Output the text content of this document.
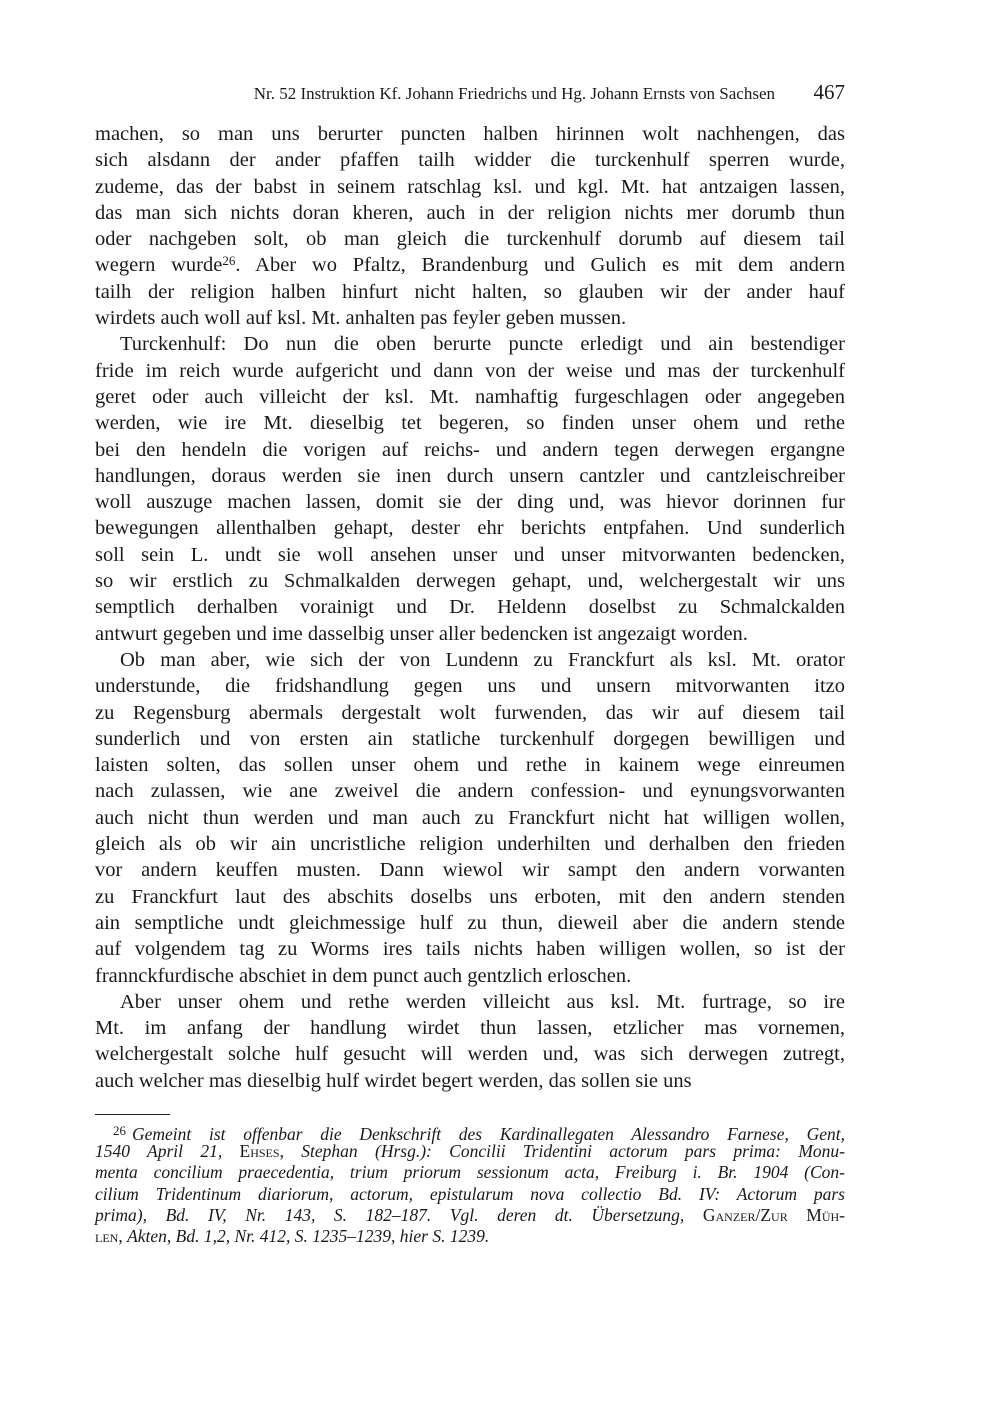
Nr. 52 Instruktion Kf. Johann Friedrichs und Hg. Johann Ernsts von Sachsen 467
machen, so man uns berurter puncten halben hirinnen wolt nachhengen, das
sich alsdann der ander pfaffen tailh widder die turckenhulf sperren wurde,
zudeme, das der babst in seinem ratschlag ksl. und kgl. Mt. hat antzaigen lassen,
das man sich nichts doran kheren, auch in der religion nichts mer dorumb thun
oder nachgeben solt, ob man gleich die turckenhulf dorumb auf diesem tail
wegern wurde$^{26}$. Aber wo Pfaltz, Brandenburg und Gulich es mit dem andern
tailh der religion halben hinfurt nicht halten, so glauben wir der ander hauf
wirdets auch woll auf ksl. Mt. anhalten pas feyler geben mussen.
Turckenhulf: Do nun die oben berurte puncte erledigt und ain bestendiger
fride im reich wurde aufgericht und dann von der weise und mas der turckenhulf
geret oder auch villeicht der ksl. Mt. namhaftig furgeschlagen oder angegeben
werden, wie ire Mt. dieselbig tet begeren, so finden unser ohem und rethe
bei den hendeln die vorigen auf reichs- und andern tegen derwegen ergangne
handlungen, doraus werden sie inen durch unsern cantzler und cantzleischreiber
woll auszuge machen lassen, domit sie der ding und, was hievor dorinnen fur
bewegungen allenthalben gehapt, dester ehr berichts entpfahen. Und sunderlich
soll sein L. undt sie woll ansehen unser und unser mitvorwanten bedencken,
so wir erstlich zu Schmalkalden derwegen gehapt, und, welchergestalt wir uns
semptlich derhalben vorainigt und Dr. Heldenn doselbst zu Schmalckalden
antwurt gegeben und ime dasselbig unser aller bedencken ist angezaigt worden.
Ob man aber, wie sich der von Lundenn zu Franckfurt als ksl. Mt. orator
understunde, die fridshandlung gegen uns und unsern mitvorwanten itzo
zu Regensburg abermals dergestalt wolt furwenden, das wir auf diesem tail
sunderlich und von ersten ain statliche turckenhulf dorgegen bewilligen und
laisten solten, das sollen unser ohem und rethe in kainem wege einreumen
nach zulassen, wie ane zweivel die andern confession- und eynungsvorwanten
auch nicht thun werden und man auch zu Franckfurt nicht hat willigen wollen,
gleich als ob wir ain uncristliche religion underhilten und derhalben den frieden
vor andern keuffen musten. Dann wiewol wir sampt den andern vorwanten
zu Franckfurt laut des abschits doselbs uns erboten, mit den andern stenden
ain semptliche undt gleichmessige hulf zu thun, dieweil aber die andern stende
auf volgendem tag zu Worms ires tails nichts haben willigen wollen, so ist der
frannckfurdische abschiet in dem punct auch gentzlich erloschen.
Aber unser ohem und rethe werden villeicht aus ksl. Mt. furtrage, so ire
Mt. im anfang der handlung wirdet thun lassen, etzlicher mas vornemen,
welchergestalt solche hulf gesucht will werden und, was sich derwegen zutregt,
auch welcher mas dieselbig hulf wirdet begert werden, das sollen sie uns
$^{26}$ Gemeint ist offenbar die Denkschrift des Kardinallegaten Alessandro Farnese, Gent,
1540 April 21, Ehses, Stephan (Hrsg.): Concilii Tridentini actorum pars prima: Monu-
menta concilium praecedentia, trium priorum sessionum acta, Freiburg i. Br. 1904 (Con-
cilium Tridentinum diariorum, actorum, epistularum nova collectio Bd. IV: Actorum pars
prima), Bd. IV, Nr. 143, S. 182–187. Vgl. deren dt. Übersetzung, Ganzer/Zur Müh-
len, Akten, Bd. 1,2, Nr. 412, S. 1235–1239, hier S. 1239.
